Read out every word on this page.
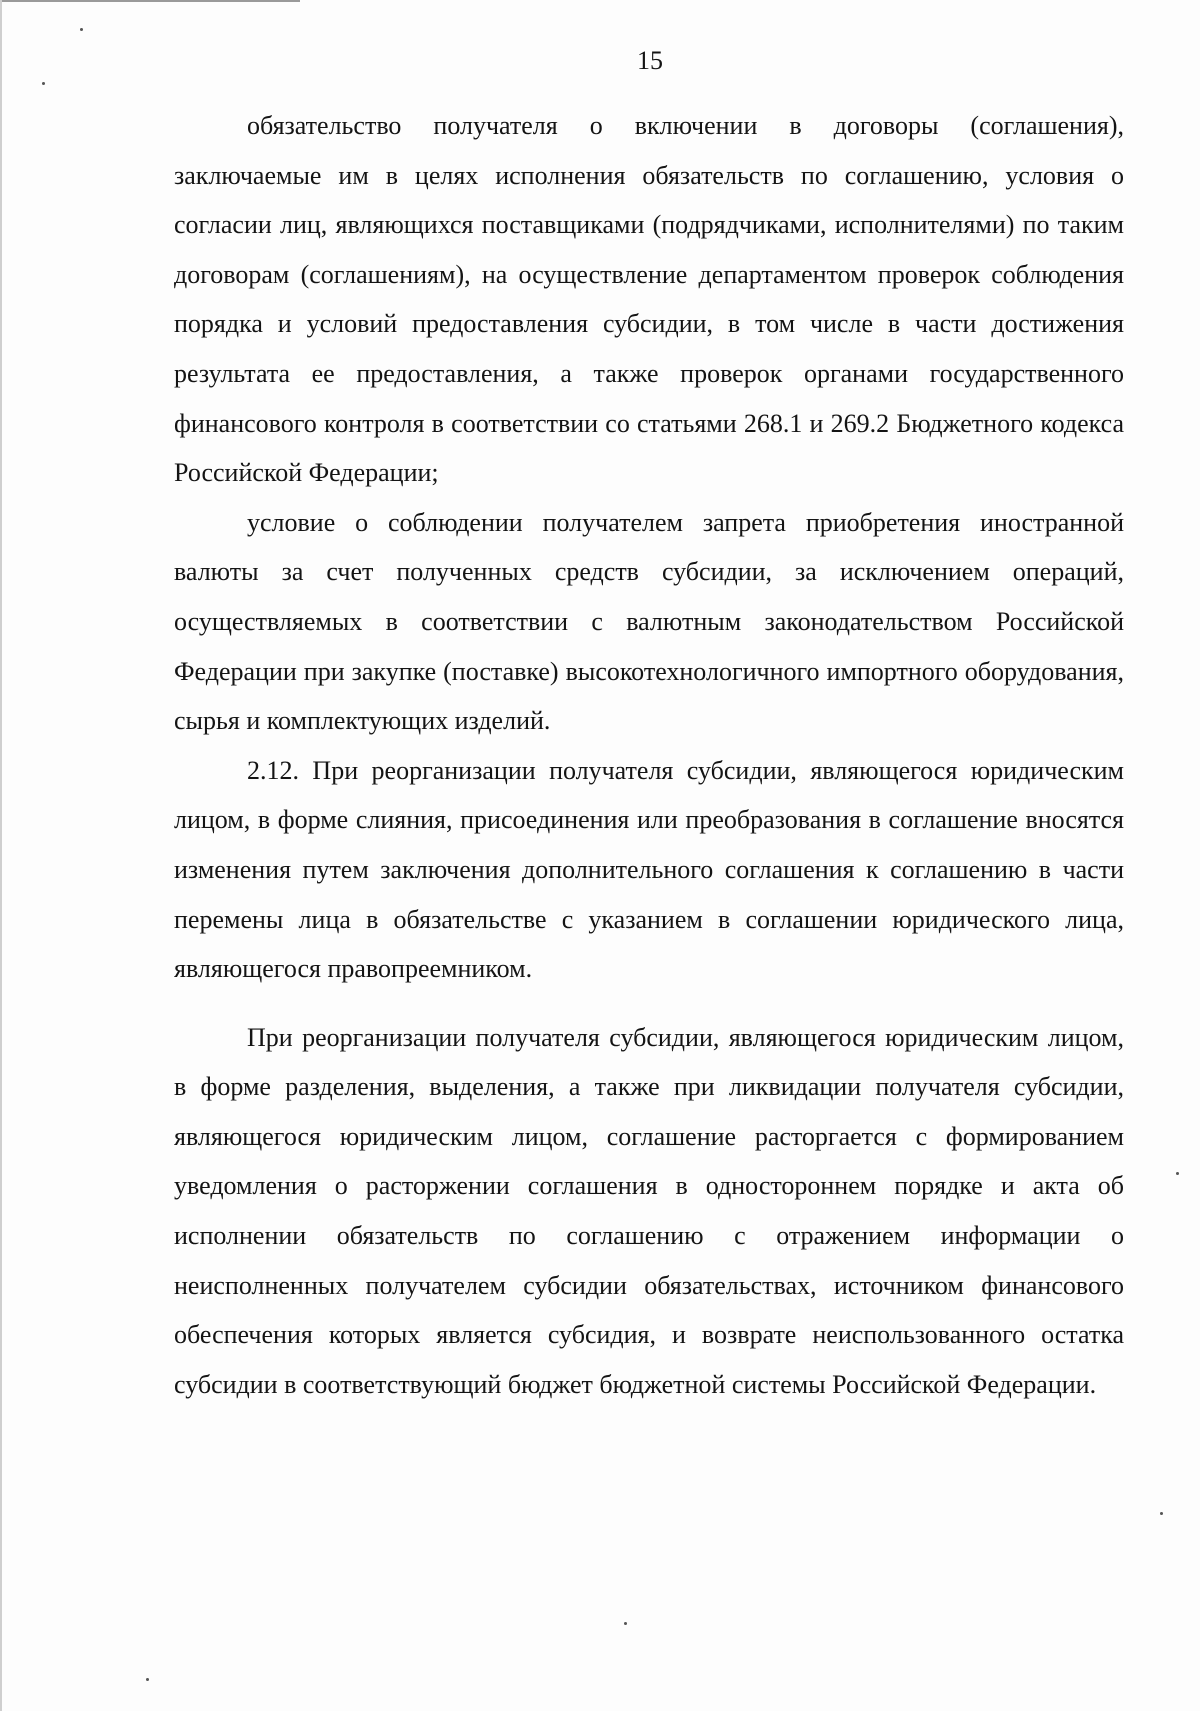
15

обязательство получателя о включении в договоры (соглашения), заключаемые им в целях исполнения обязательств по соглашению, условия о согласии лиц, являющихся поставщиками (подрядчиками, исполнителями) по таким договорам (соглашениям), на осуществление департаментом проверок соблюдения порядка и условий предоставления субсидии, в том числе в части достижения результата ее предоставления, а также проверок органами государственного финансового контроля в соответствии со статьями 268.1 и 269.2 Бюджетного кодекса Российской Федерации;

условие о соблюдении получателем запрета приобретения иностранной валюты за счет полученных средств субсидии, за исключением операций, осуществляемых в соответствии с валютным законодательством Российской Федерации при закупке (поставке) высокотехнологичного импортного оборудования, сырья и комплектующих изделий.

2.12. При реорганизации получателя субсидии, являющегося юридическим лицом, в форме слияния, присоединения или преобразования в соглашение вносятся изменения путем заключения дополнительного соглашения к соглашению в части перемены лица в обязательстве с указанием в соглашении юридического лица, являющегося правопреемником.

При реорганизации получателя субсидии, являющегося юридическим лицом, в форме разделения, выделения, а также при ликвидации получателя субсидии, являющегося юридическим лицом, соглашение расторгается с формированием уведомления о расторжении соглашения в одностороннем порядке и акта об исполнении обязательств по соглашению с отражением информации о неисполненных получателем субсидии обязательствах, источником финансового обеспечения которых является субсидия, и возврате неиспользованного остатка субсидии в соответствующий бюджет бюджетной системы Российской Федерации.
